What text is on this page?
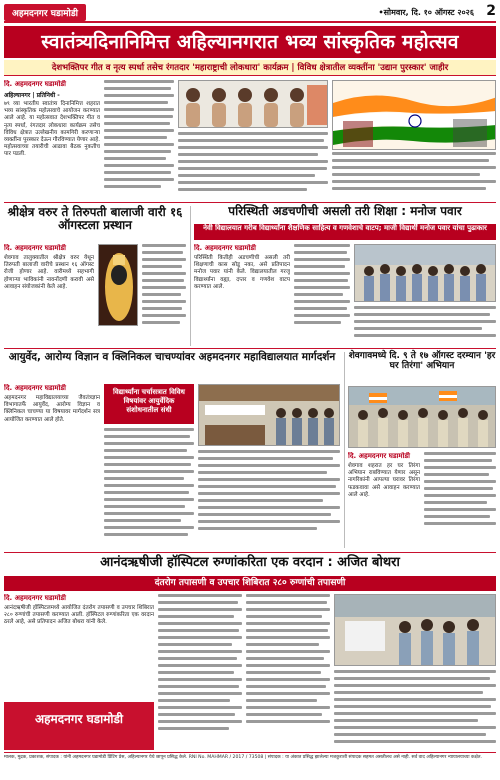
अहमदनगर घडामोडी	•सोमवार, दि. १० ऑगस्ट २०२६ 2
स्वातंत्र्यदिनानिमित्त अहिल्यानगरात भव्य सांस्कृतिक महोत्सव
देशभक्तिपर गीत व नृत्य स्पर्धा तसेच रंगतदार 'महाराष्ट्राची लोकधारा' कार्यक्रम | विविध क्षेत्रातील व्यक्तींना 'उद्यान पुरस्कार' जाहीर
दि. अहमदनगर घडामोडी
अहिल्यानगर | प्रतिनिधी -
७९ व्या भारतीय स्वातंत्र्य दिनानिमित्त शहरात भव्य सांस्कृतिक महोत्सवाचे आयोजन करण्यात आले आहे. या महोत्सवात देशभक्तिपर गीत व नृत्य स्पर्धा, रंगतदार लोकधारा कार्यक्रम तसेच विविध क्षेत्रात उल्लेखनीय कामगिरी करणाऱ्या व्यक्तींना पुरस्कार देऊन गौरविण्यात येणार आहे. महोत्सवाच्या तयारीची आढावा बैठक नुकतीच पार पडली.
श्रीक्षेत्र वरुर ते तिरुपती बालाजी वारी १६ ऑगस्टला प्रस्थान
दि. अहमदनगर घडामोडी
शेवगाव तालुक्यातील श्रीक्षेत्र वरुर येथून तिरुपती बालाजी वारीचे प्रस्थान १६ ऑगस्ट रोजी होणार आहे. वारीमध्ये सहभागी होणाऱ्या भाविकांनी नावनोंदणी करावी असे आवाहन संयोजकांनी केले आहे.
परिस्थिती अडचणीची असली तरी शिक्षा : मनोज पवार
नेवी विद्यालयात गरीब विद्यार्थ्यांना शैक्षणिक साहित्य व गणवेशाचे वाटप; माजी विद्यार्थी मनोज पवार यांचा पुढाकार
दि. अहमदनगर घडामोडी
परिस्थिती कितीही अडचणीची असली तरी शिक्षणाची कास सोडू नका, असे प्रतिपादन मनोज पवार यांनी केले. विद्यालयातील गरजू विद्यार्थ्यांना वह्या, दप्तर व गणवेश वाटप करण्यात आले.
आयुर्वेद, आरोग्य विज्ञान व क्लिनिकल चाचण्यांवर अहमदनगर महाविद्यालयात मार्गदर्शन
दि. अहमदनगर घडामोडी
अहमदनगर महाविद्यालयाच्या जैवतंत्रज्ञान विभागातर्फे आयुर्वेद, आरोग्य विज्ञान व क्लिनिकल चाचण्या या विषयावर मार्गदर्शन सत्र आयोजित करण्यात आले होते.
विद्यार्थ्यांना चर्चासत्रात विविध विषयांवर आयुर्वेदिक संशोधनातील संधी
शेवगावमध्ये दि. ९ ते १७ ऑगस्ट दरम्यान 'हर घर तिरंगा' अभियान
दि. अहमदनगर घडामोडी
शेवगाव शहरात हर घर तिरंगा अभियान राबविण्यात येणार असून नागरिकांनी आपल्या घरावर तिरंगा फडकवावा असे आवाहन करण्यात आले आहे.
आनंदऋषीजी हॉस्पिटल रुग्णांकरिता एक वरदान : अजित बोथरा
दंतरोग तपासणी व उपचार शिबिरात २८० रुग्णांची तपासणी
दि. अहमदनगर घडामोडी
आनंदऋषीजी हॉस्पिटलमध्ये आयोजित दंतरोग तपासणी व उपचार शिबिरात २८० रुग्णांची तपासणी करण्यात आली. हॉस्पिटल रुग्णांकरिता एक वरदान ठरले आहे, असे प्रतिपादन अजित बोथरा यांनी केले.
अहमदनगर घडामोडी
मालक, मुद्रक, प्रकाशक, संपादक : यांनी अहमदनगर घडामोडी प्रिंटिंग प्रेस, अहिल्यानगर येथे छापून प्रसिद्ध केले. RNI No. MAHMAR / 2017 / 73508 | संपादक : या अंकात प्रसिद्ध झालेल्या मजकुराशी संपादक सहमत असतीलच असे नाही. सर्व वाद अहिल्यानगर न्यायालयाच्या कक्षेत.
